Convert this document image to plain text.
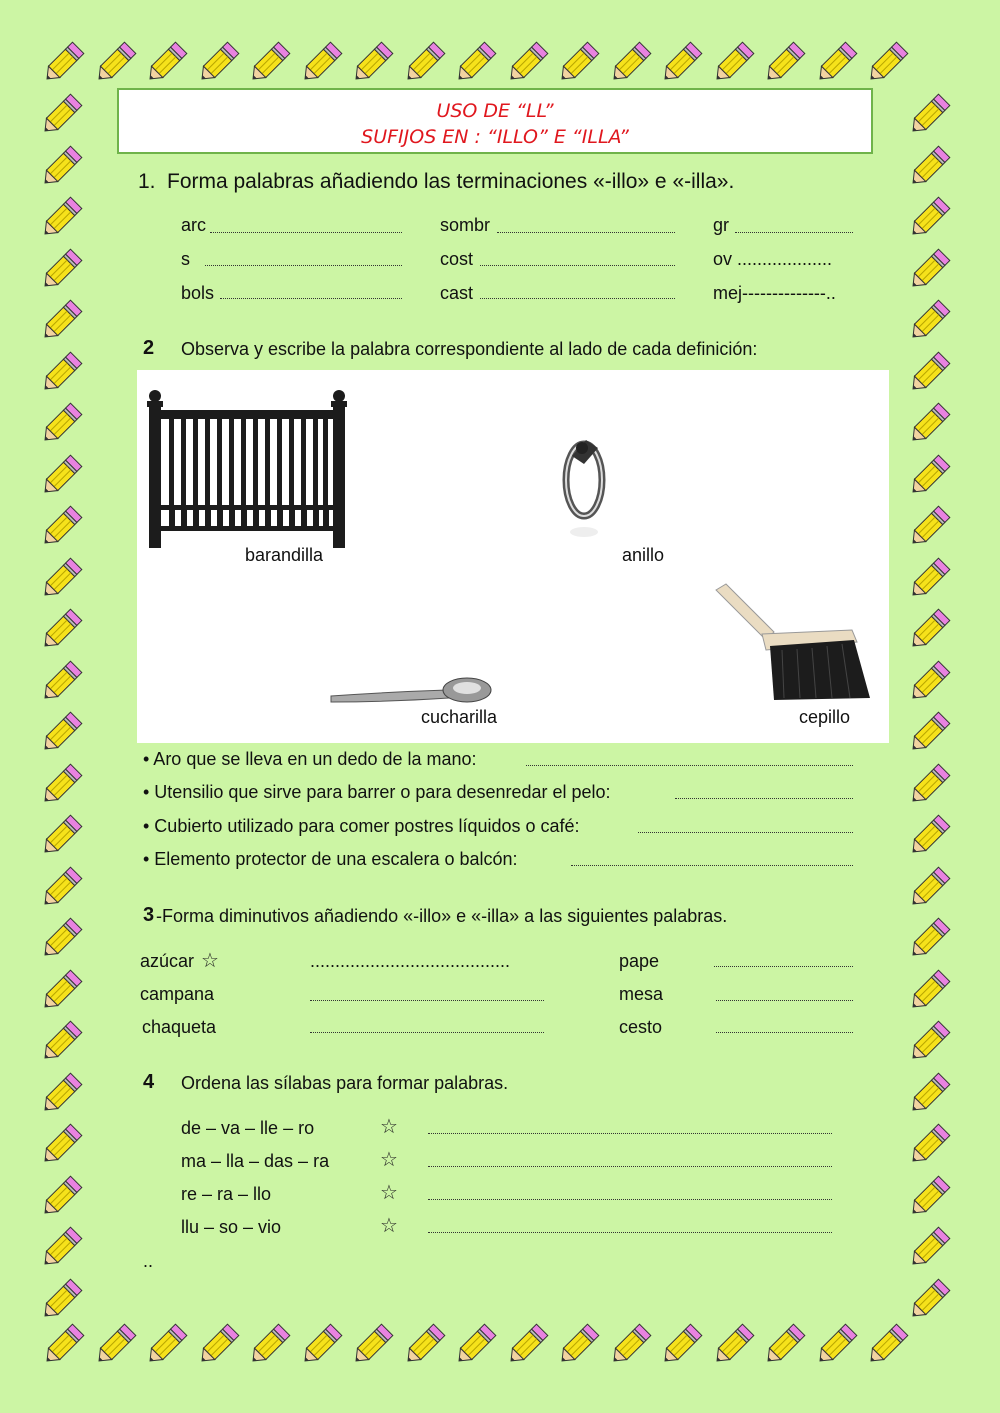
USO DE “LL”
SUFIJOS EN : “ILLO” E “ILLA”
1. Forma palabras añadiendo las terminaciones «-illo» e «-illa».
arc	sombr	gr
s	cost	ov ...................
bols	cast	mej--------------..
2 Observa y escribe la palabra correspondiente al lado de cada definición:
barandilla	anillo
cucharilla	cepillo
• Aro que se lleva en un dedo de la mano:
• Utensilio que sirve para barrer o para desenredar el pelo:
• Cubierto utilizado para comer postres líquidos o café:
• Elemento protector de una escalera o balcón:
3 -Forma diminutivos añadiendo «-illo» e «-illa» a las siguientes palabras.
azúcar ☆	........................................	pape
campana	mesa
chaqueta	cesto
4 Ordena las sílabas para formar palabras.
de – va – lle – ro	☆
ma – lla – das – ra	☆
re – ra – llo	☆
llu – so – vio	☆
..
